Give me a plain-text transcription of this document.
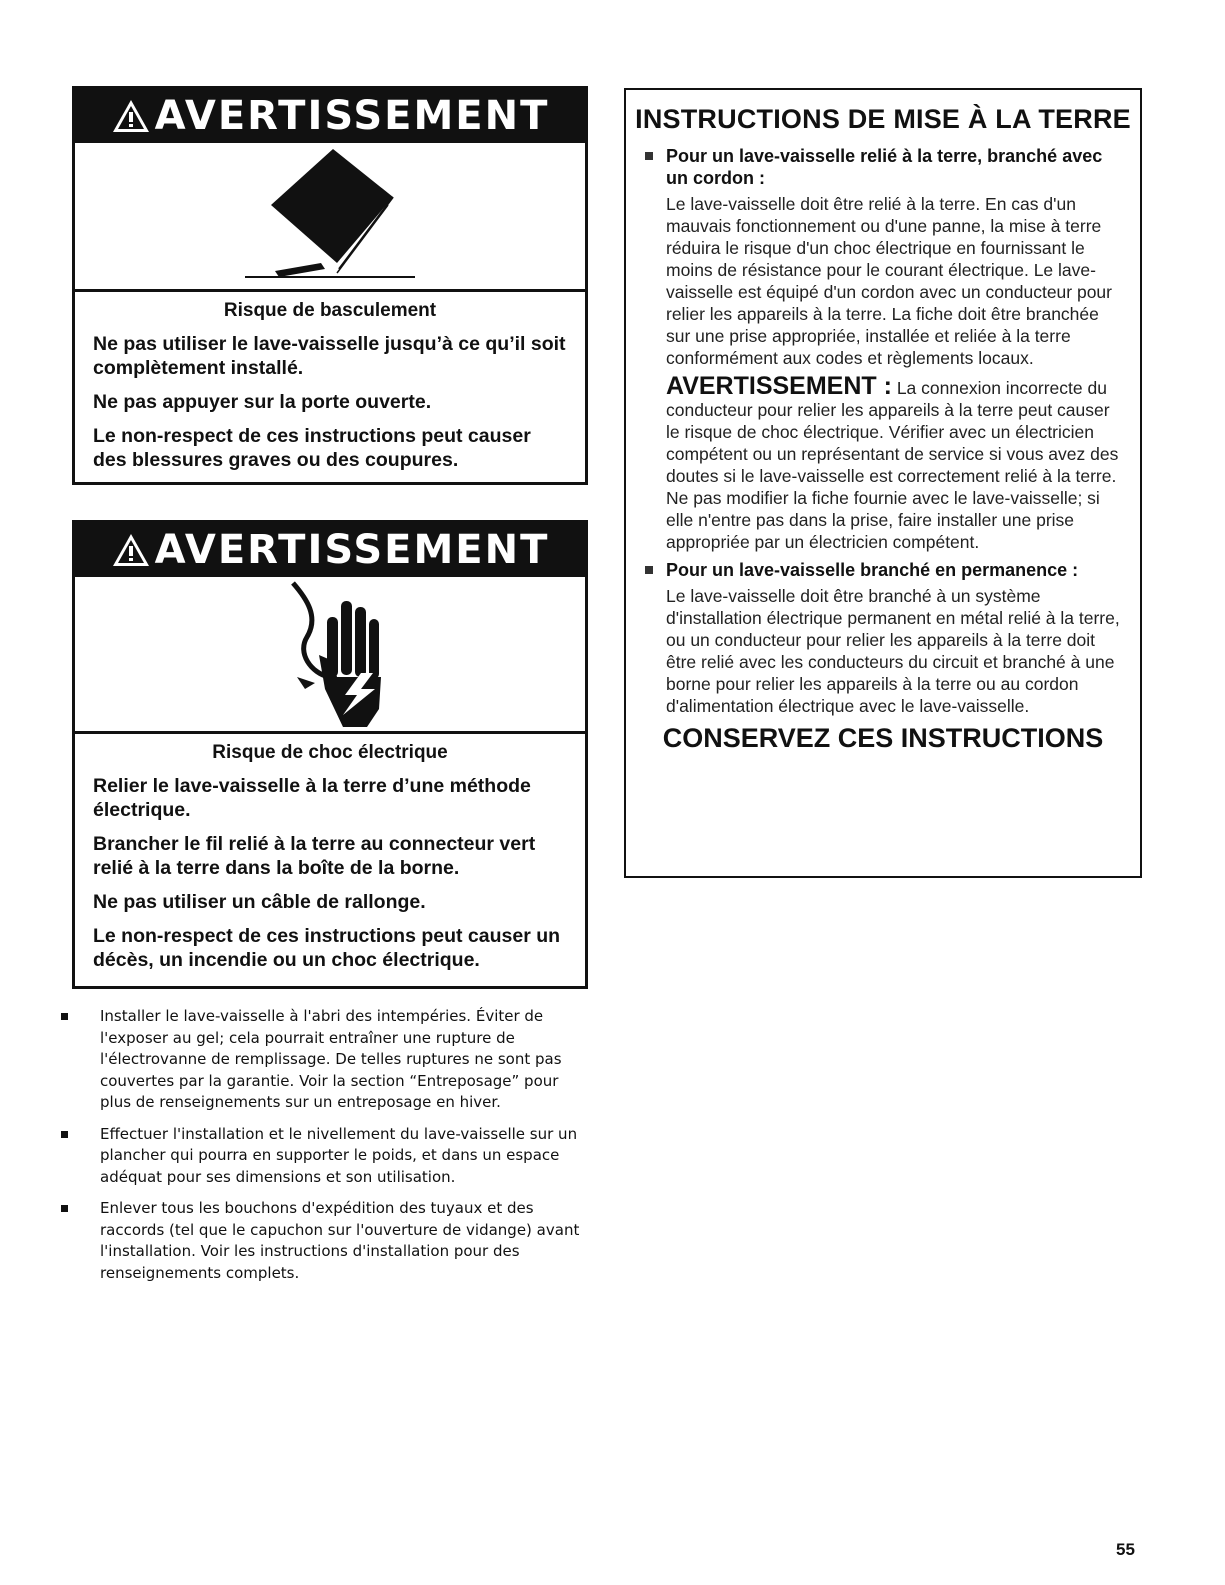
AVERTISSEMENT
Risque de basculement

Ne pas utiliser le lave-vaisselle jusqu’à ce qu’il soit complètement installé.

Ne pas appuyer sur la porte ouverte.

Le non-respect de ces instructions peut causer des blessures graves ou des coupures.

AVERTISSEMENT
Risque de choc électrique

Relier le lave-vaisselle à la terre d’une méthode électrique.

Brancher le fil relié à la terre au connecteur vert relié à la terre dans la boîte de la borne.

Ne pas utiliser un câble de rallonge.

Le non-respect de ces instructions peut causer un décès, un incendie ou un choc électrique.

Installer le lave-vaisselle à l'abri des intempéries. Éviter de l'exposer au gel; cela pourrait entraîner une rupture de l'électrovanne de remplissage. De telles ruptures ne sont pas couvertes par la garantie. Voir la section “Entreposage” pour plus de renseignements sur un entreposage en hiver.
Effectuer l'installation et le nivellement du lave-vaisselle sur un plancher qui pourra en supporter le poids, et dans un espace adéquat pour ses dimensions et son utilisation.
Enlever tous les bouchons d'expédition des tuyaux et des raccords (tel que le capuchon sur l'ouverture de vidange) avant l'installation. Voir les instructions d'installation pour des renseignements complets.
INSTRUCTIONS DE MISE À LA TERRE
Pour un lave-vaisselle relié à la terre, branché avec un cordon :
Le lave-vaisselle doit être relié à la terre. En cas d'un mauvais fonctionnement ou d'une panne, la mise à terre réduira le risque d'un choc électrique en fournissant le moins de résistance pour le courant électrique. Le lave-vaisselle est équipé d'un cordon avec un conducteur pour relier les appareils à la terre. La fiche doit être branchée sur une prise appropriée, installée et reliée à la terre conformément aux codes et règlements locaux.
AVERTISSEMENT : La connexion incorrecte du conducteur pour relier les appareils à la terre peut causer le risque de choc électrique. Vérifier avec un électricien compétent ou un représentant de service si vous avez des doutes si le lave-vaisselle est correctement relié à la terre. Ne pas modifier la fiche fournie avec le lave-vaisselle; si elle n'entre pas dans la prise, faire installer une prise appropriée par un électricien compétent.
Pour un lave-vaisselle branché en permanence :
Le lave-vaisselle doit être branché à un système d'installation électrique permanent en métal relié à la terre, ou un conducteur pour relier les appareils à la terre doit être relié avec les conducteurs du circuit et branché à une borne pour relier les appareils à la terre ou au cordon d'alimentation électrique avec le lave-vaisselle.
CONSERVEZ CES INSTRUCTIONS
55
